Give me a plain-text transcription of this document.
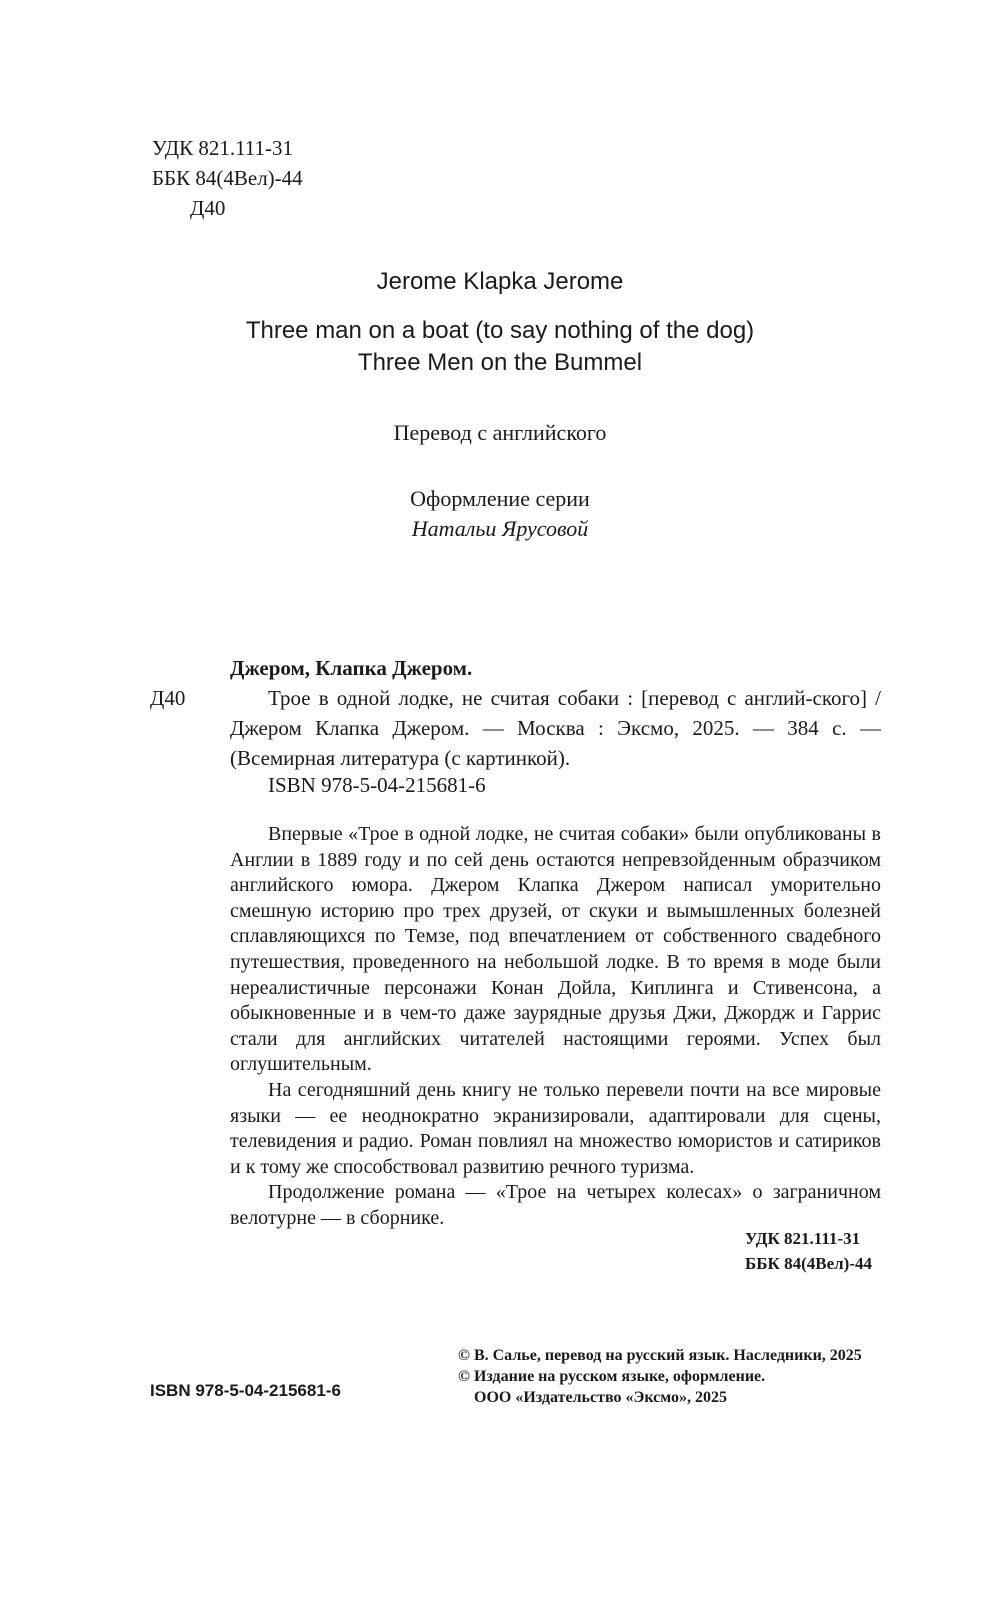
УДК 821.111-31
ББК 84(4Вел)-44
Д40
Jerome Klapka Jerome
Three man on a boat (to say nothing of the dog)
Three Men on the Bummel
Перевод с английского
Оформление серии
Натальи Ярусовой
Джером, Клапка Джером.
Д40	Трое в одной лодке, не считая собаки : [перевод с англий-ского] / Джером Клапка Джером. — Москва : Эксмо, 2025. — 384 с. — (Всемирная литература (с картинкой).

ISBN 978-5-04-215681-6

Впервые «Трое в одной лодке, не считая собаки» были опубликованы в Англии в 1889 году и по сей день остаются непревзойденным образчиком английского юмора. Джером Клапка Джером написал уморительно смешную историю про трех друзей, от скуки и вымышленных болезней сплавляющихся по Темзе, под впечатлением от собственного свадебного путешествия, проведенного на небольшой лодке. В то время в моде были нереалистичные персонажи Конан Дойла, Киплинга и Стивенсона, а обыкновенные и в чем-то даже заурядные друзья Джи, Джордж и Гаррис стали для английских читателей настоящими героями. Успех был оглушительным.

На сегодняшний день книгу не только перевели почти на все мировые языки — ее неоднократно экранизировали, адаптировали для сцены, телевидения и радио. Роман повлиял на множество юмористов и сатириков и к тому же способствовал развитию речного туризма.

Продолжение романа — «Трое на четырех колесах» о заграничном велотурне — в сборнике.

УДК 821.111-31
ББК 84(4Вел)-44
© В. Салье, перевод на русский язык. Наследники, 2025
© Издание на русском языке, оформление.
ООО «Издательство «Эксмо», 2025
ISBN 978-5-04-215681-6
